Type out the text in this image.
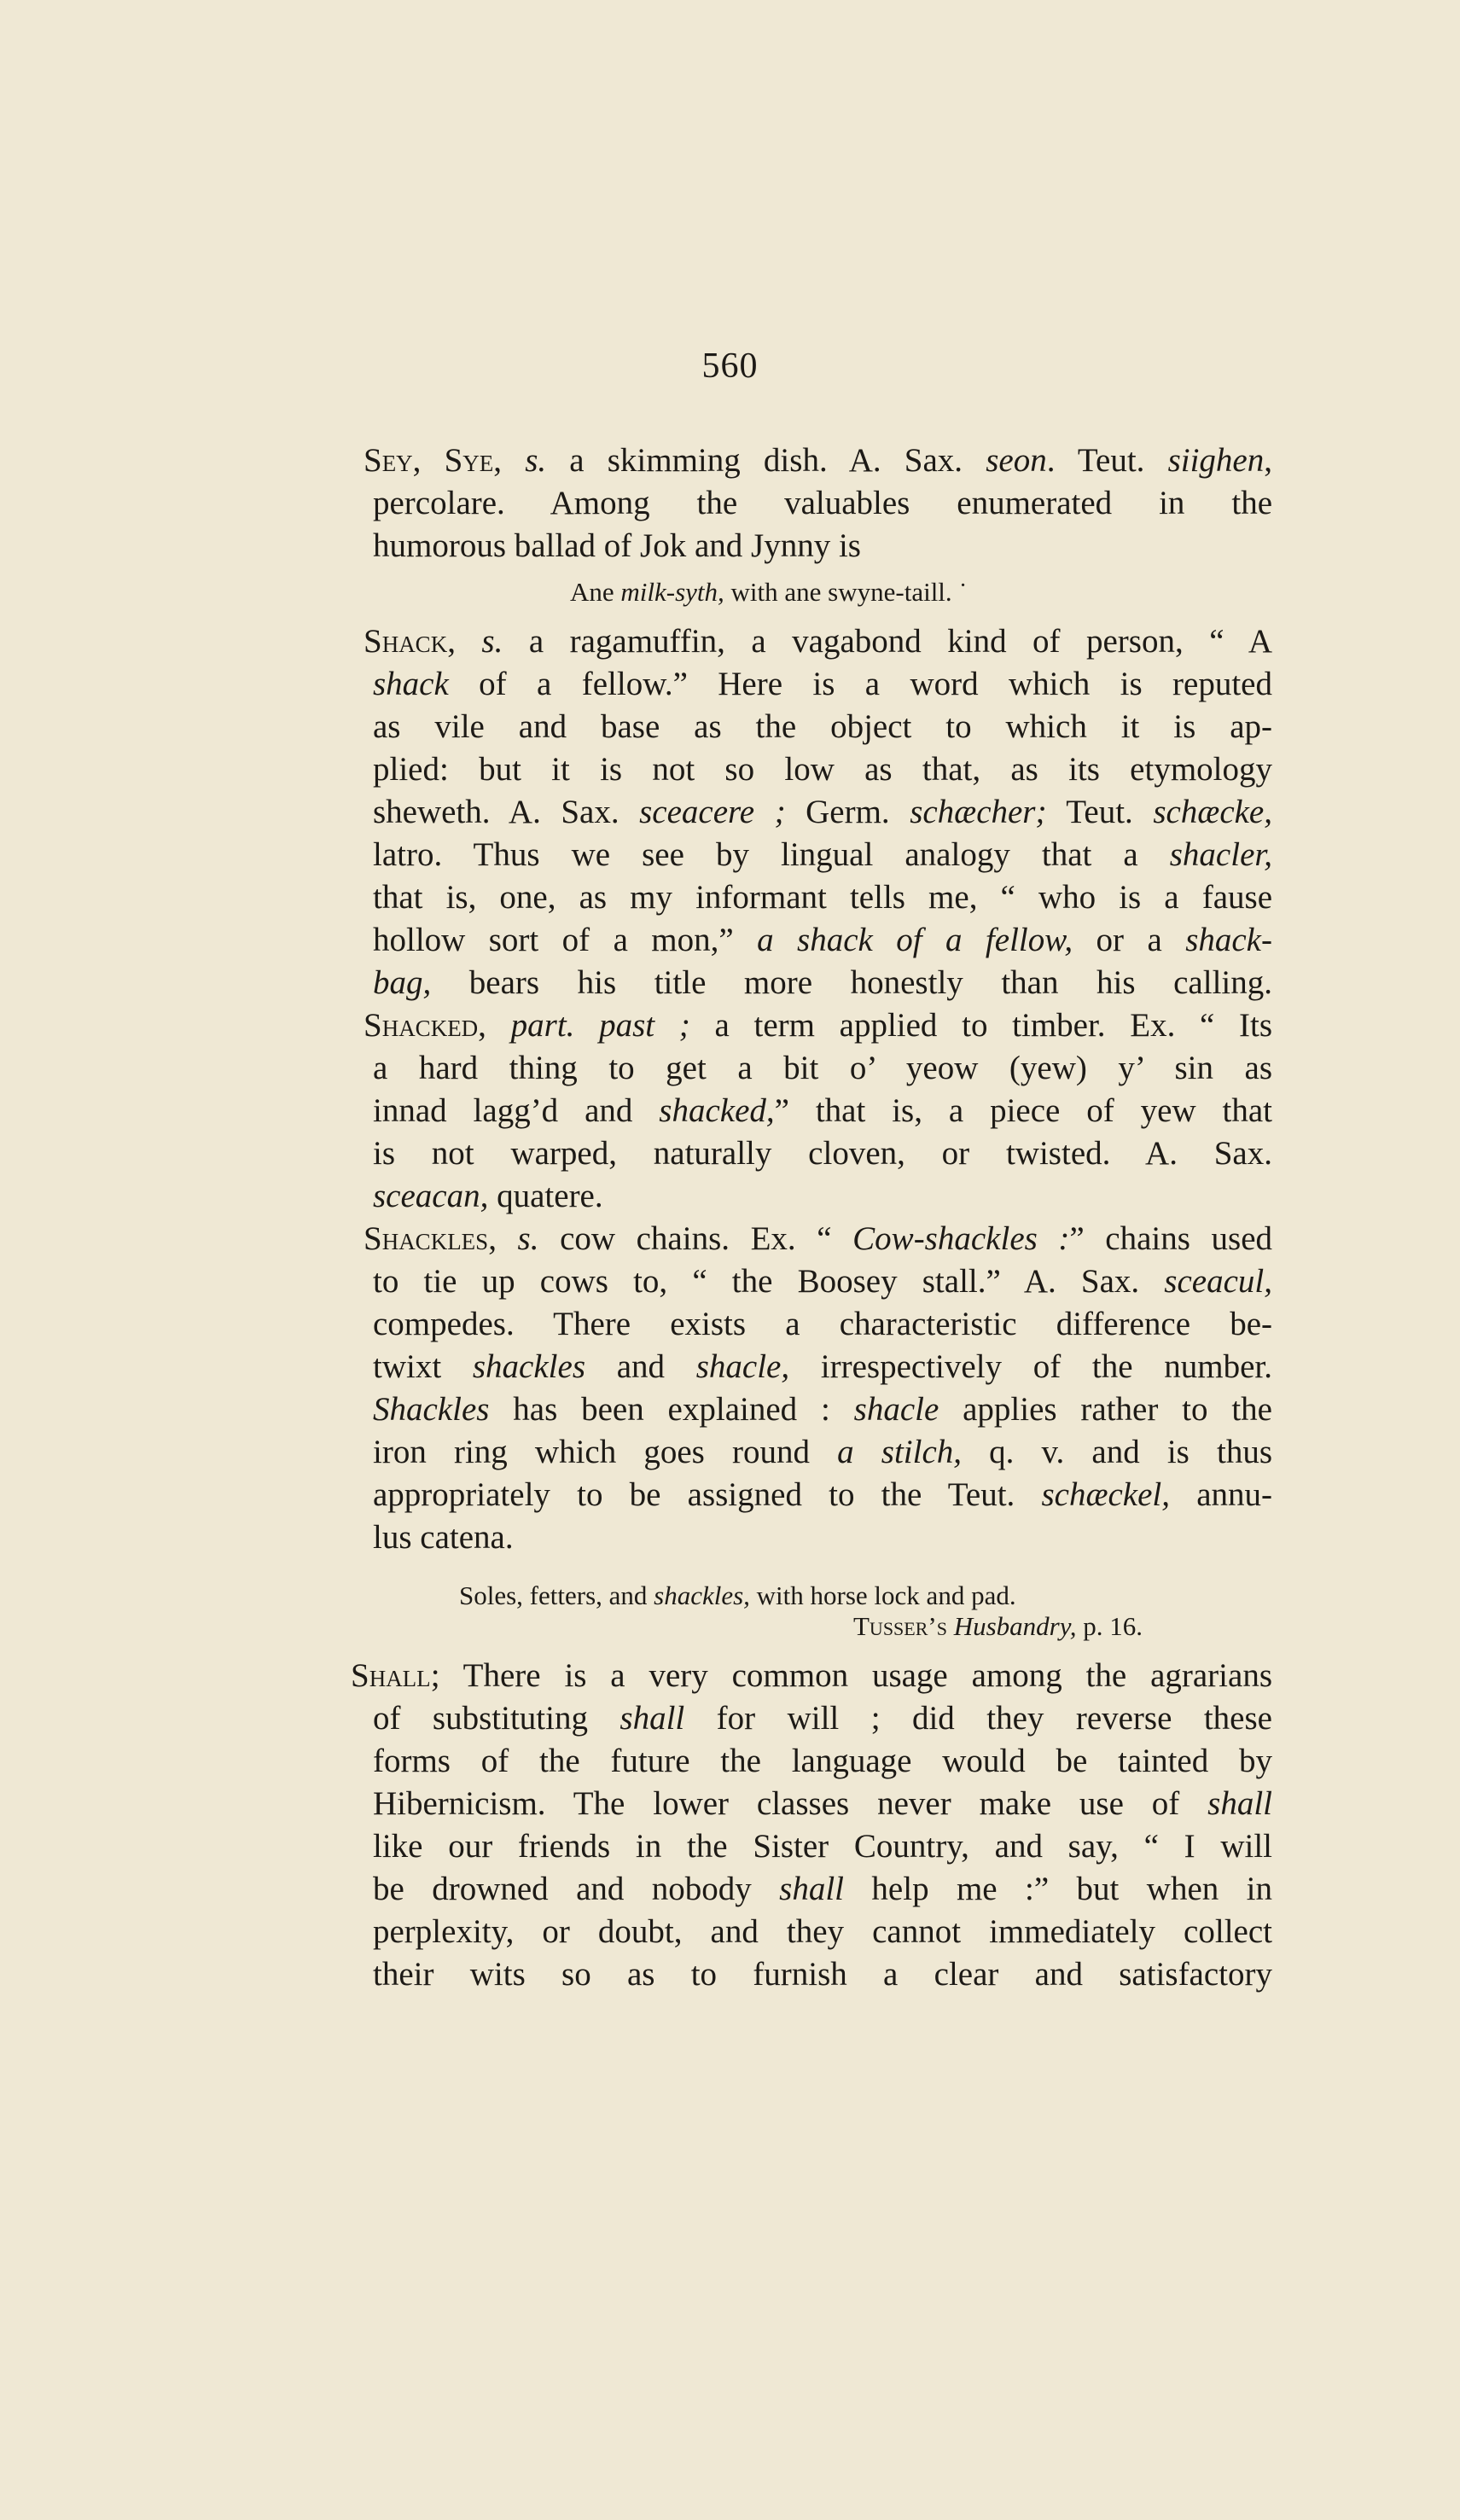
560
Sey, Sye, s. a skimming dish. A. Sax. seon. Teut. siighen,
percolare. Among the valuables enumerated in the
humorous ballad of Jok and Jynny is
Ane milk-syth, with ane swyne-taill. ˙
Shack, s. a ragamuffin, a vagabond kind of person, “ A
shack of a fellow.” Here is a word which is reputed
as vile and base as the object to which it is ap-
plied: but it is not so low as that, as its etymology
sheweth. A. Sax. sceacere ; Germ. schæcher; Teut. schæcke,
latro. Thus we see by lingual analogy that a shacler,
that is, one, as my informant tells me, “ who is a fause
hollow sort of a mon,” a shack of a fellow, or a shack-
bag, bears his title more honestly than his calling.
Shacked, part. past ; a term applied to timber. Ex. “ Its
a hard thing to get a bit o’ yeow (yew) y’ sin as
innad lagg’d and shacked,” that is, a piece of yew that
is not warped, naturally cloven, or twisted. A. Sax.
sceacan, quatere.
Shackles, s. cow chains. Ex. “ Cow-shackles :” chains used
to tie up cows to, “ the Boosey stall.” A. Sax. sceacul,
compedes. There exists a characteristic difference be-
twixt shackles and shacle, irrespectively of the number.
Shackles has been explained : shacle applies rather to the
iron ring which goes round a stilch, q. v. and is thus
appropriately to be assigned to the Teut. schæckel, annu-
lus catena.
Soles, fetters, and shackles, with horse lock and pad.
Tusser’s Husbandry, p. 16.
Shall; There is a very common usage among the agrarians
of substituting shall for will ; did they reverse these
forms of the future the language would be tainted by
Hibernicism. The lower classes never make use of shall
like our friends in the Sister Country, and say, “ I will
be drowned and nobody shall help me :” but when in
perplexity, or doubt, and they cannot immediately collect
their wits so as to furnish a clear and satisfactory
